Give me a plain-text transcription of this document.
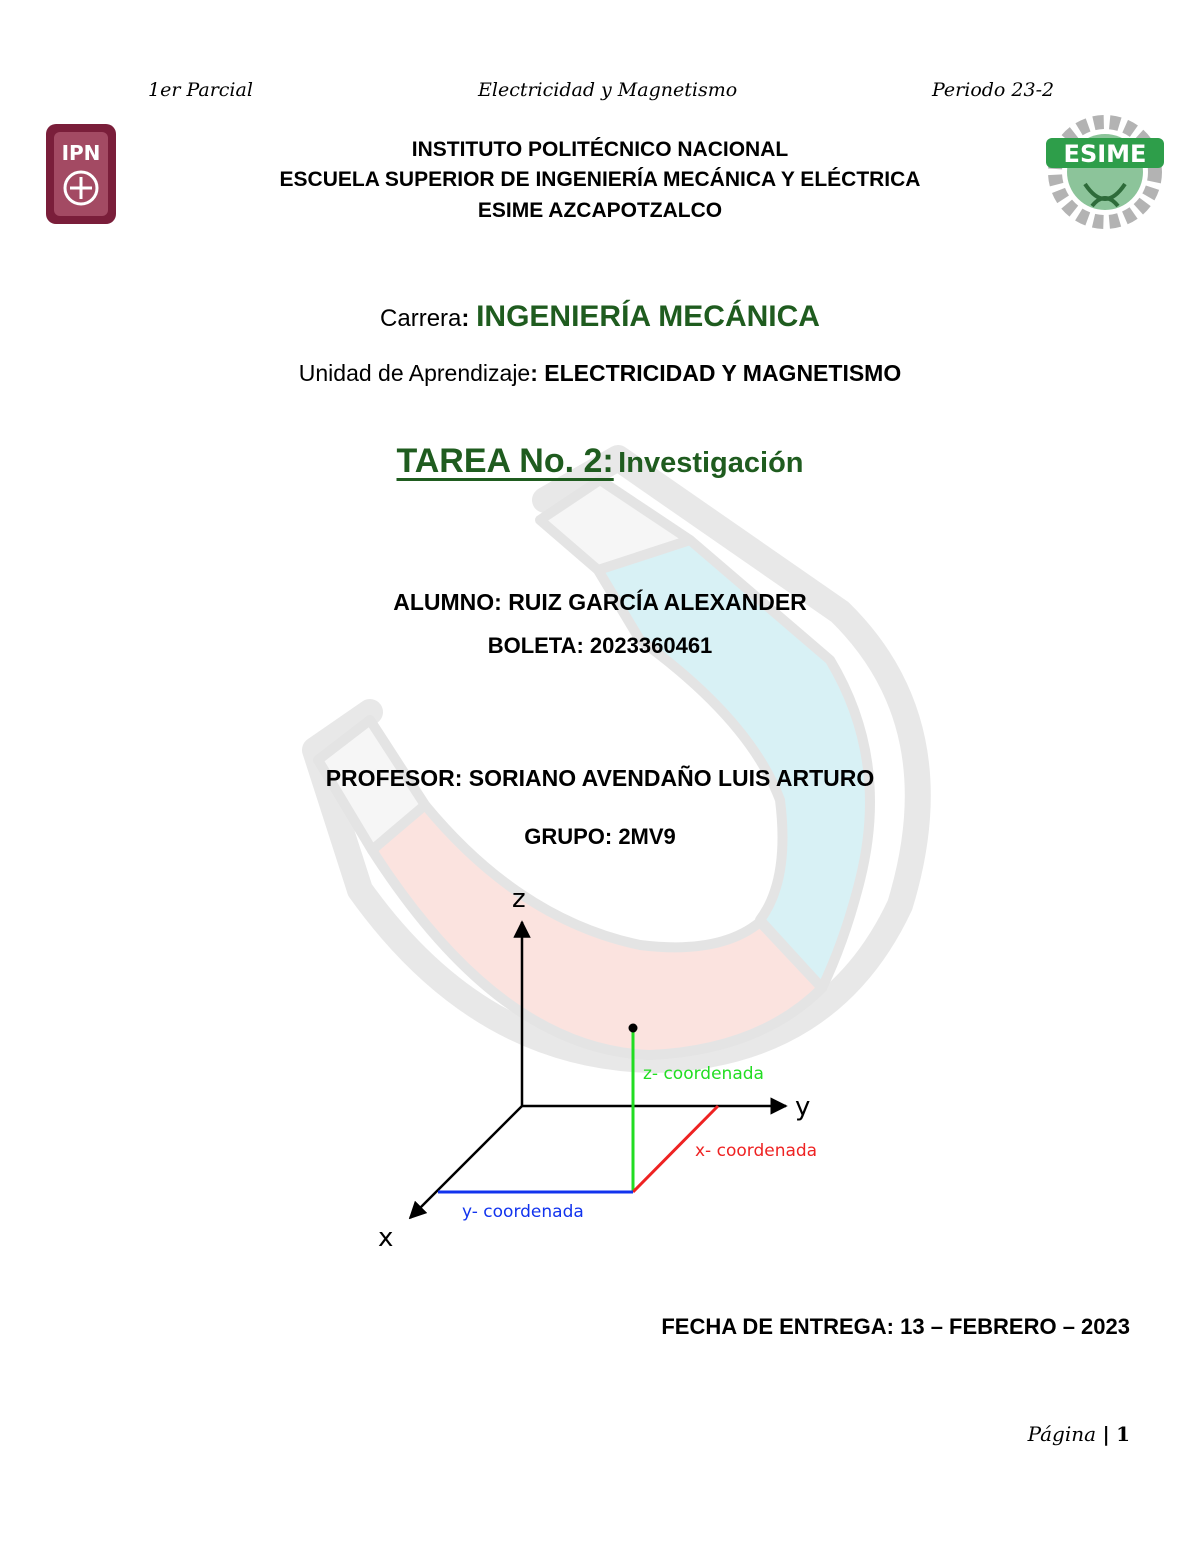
1er Parcial	Electricidad y Magnetismo	Periodo 23-2
IPN	ESIME
INSTITUTO POLITÉCNICO NACIONAL
ESCUELA SUPERIOR DE INGENIERÍA MECÁNICA Y ELÉCTRICA
ESIME AZCAPOTZALCO
Carrera: INGENIERÍA MECÁNICA
Unidad de Aprendizaje: ELECTRICIDAD Y MAGNETISMO
TAREA No. 2: Investigación
ALUMNO: RUIZ GARCÍA ALEXANDER
BOLETA: 2023360461
PROFESOR: SORIANO AVENDAÑO LUIS ARTURO
GRUPO: 2MV9
z
y
x
z- coordenada
x- coordenada
y- coordenada
FECHA DE ENTREGA: 13 – FEBRERO – 2023
Página | 1
